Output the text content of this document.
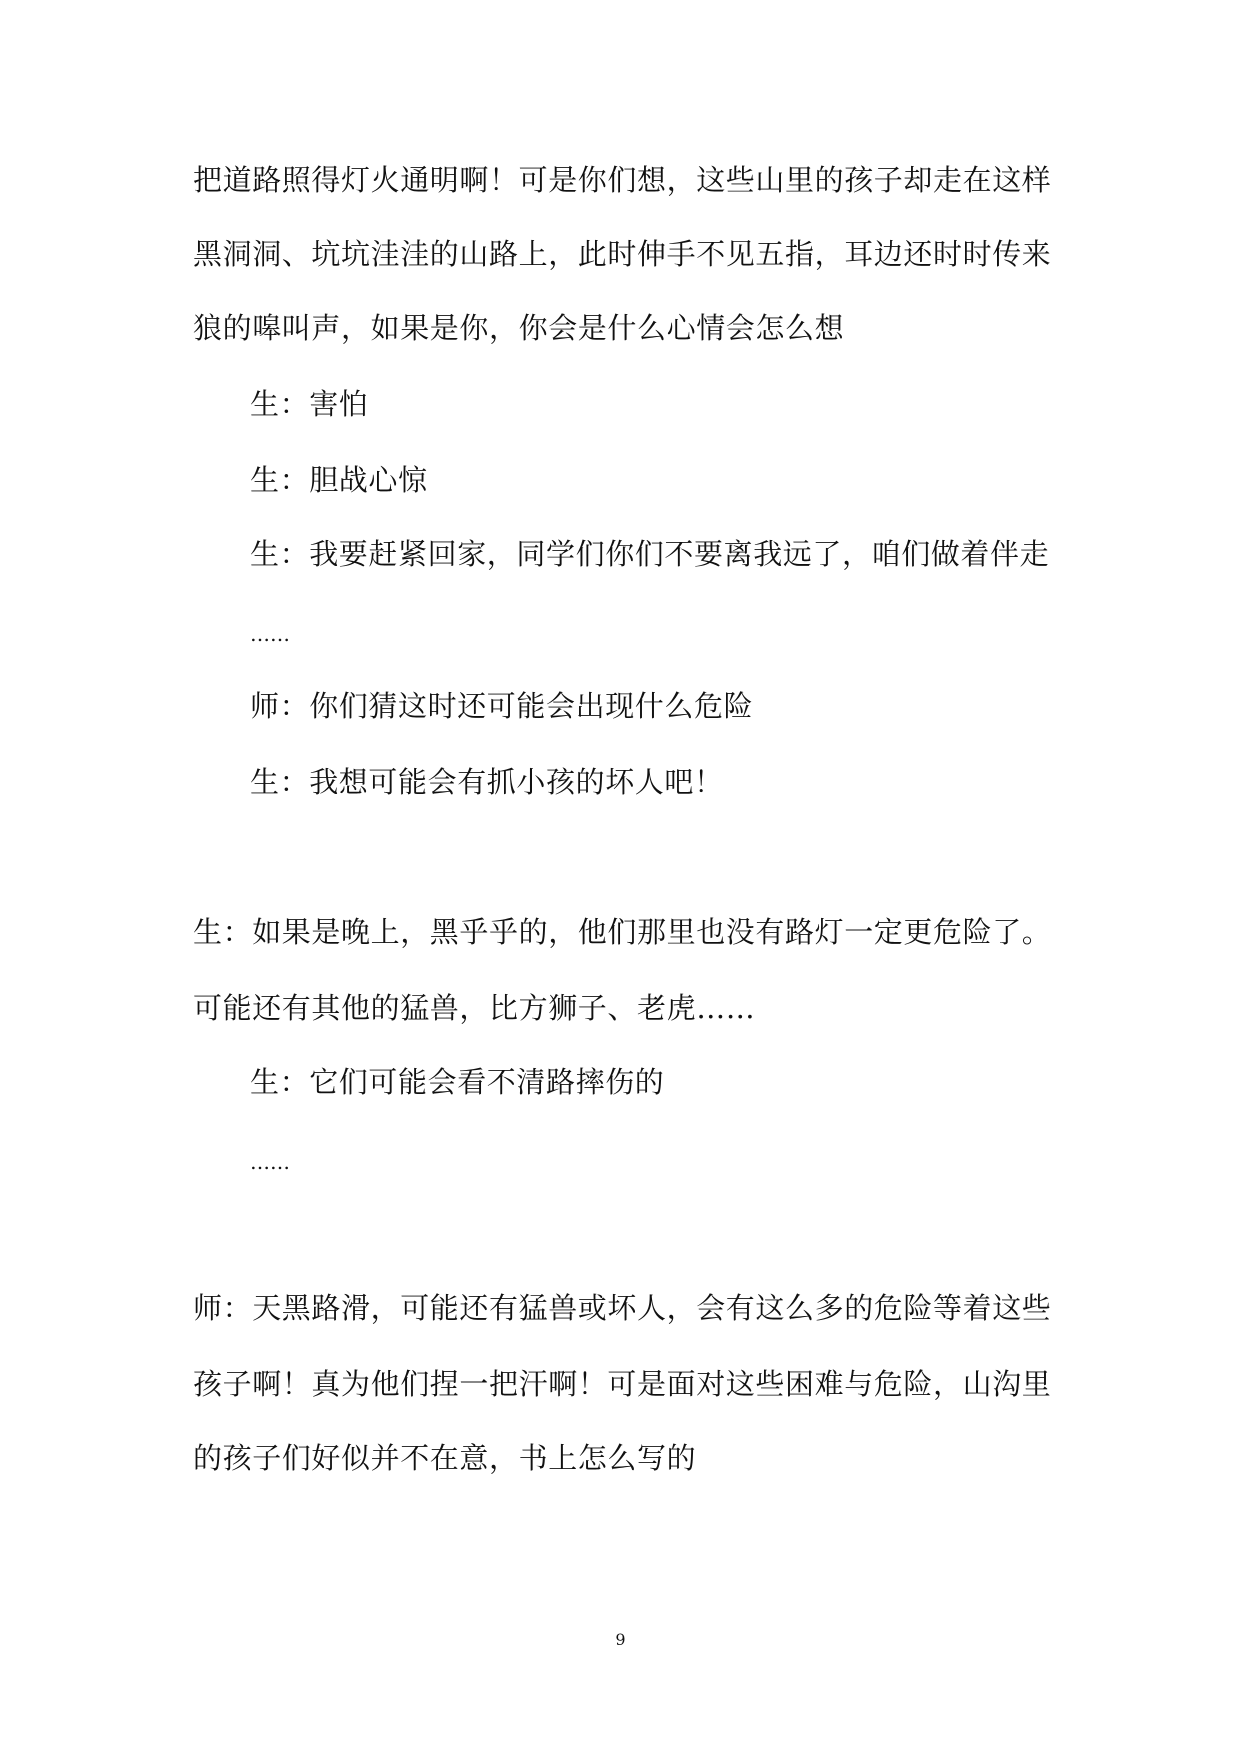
把道路照得灯火通明啊！可是你们想，这些山里的孩子却走在这样
黑洞洞、坑坑洼洼的山路上，此时伸手不见五指，耳边还时时传来
狼的嗥叫声，如果是你，你会是什么心情会怎么想
生：害怕
生：胆战心惊
生：我要赶紧回家，同学们你们不要离我远了，咱们做着伴走
……
师：你们猜这时还可能会出现什么危险
生：我想可能会有抓小孩的坏人吧！
生：如果是晚上，黑乎乎的，他们那里也没有路灯一定更危险了。
可能还有其他的猛兽，比方狮子、老虎……
生：它们可能会看不清路摔伤的
……
师：天黑路滑，可能还有猛兽或坏人，会有这么多的危险等着这些
孩子啊！真为他们捏一把汗啊！可是面对这些困难与危险，山沟里
的孩子们好似并不在意，书上怎么写的
9
